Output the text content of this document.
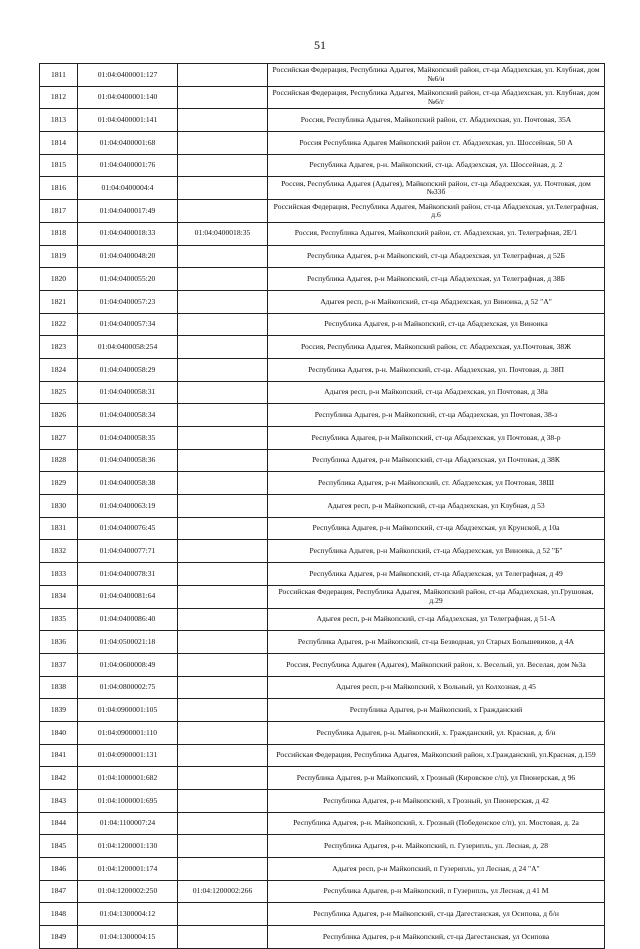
51
1811	01:04:0400001:127		Российская Федерация, Республика Адыгея, Майкопский район, ст-ца Абадзехская, ул. Клубная, дом №6/н
1812	01:04:0400001:140		Российская Федерация, Республика Адыгея, Майкопский район, ст-ца Абадзехская, ул. Клубная, дом №6/г
1813	01:04:0400001:141		Россия, Республика Адыгея, Майкопский район, ст. Абадзехская, ул. Почтовая, 35А
1814	01:04:0400001:68		Россия Республика Адыгея Майкопский район ст. Абадзехская, ул. Шоссейная, 50 А
1815	01:04:0400001:76		Республика Адыгея, р-н. Майкопский, ст-ца. Абадзехская, ул. Шоссейная, д. 2
1816	01:04:0400004:4		Россия, Республика Адыгея (Адыгея), Майкопский район, ст-ца Абадзехская, ул. Почтовая, дом №33б
1817	01:04:0400017:49		Российская Федерация, Республика Адыгея, Майкопский район, ст-ца Абадзехская, ул.Телеграфная, д.6
1818	01:04:0400018:33	01:04:0400018:35	Россия, Республика Адыгея, Майкопский район, ст. Абадзехская, ул. Телеграфная, 2Е/1
1819	01:04:0400048:20		Республика Адыгея, р-н Майкопский, ст-ца Абадзехская, ул Телеграфная, д 52Б
1820	01:04:0400055:20		Республика Адыгея, р-н Майкопский, ст-ца Абадзехская, ул Телеграфная, д 38Б
1821	01:04:0400057:23		Адыгея респ, р-н Майкопский, ст-ца Абадзехская, ул Виноика, д 52 "А"
1822	01:04:0400057:34		Республика Адыгея, р-н Майкопский, ст-ца Абадзехская, ул Виноика
1823	01:04:0400058:254		Россия, Республика Адыгея, Майкопский район, ст. Абадзехская, ул.Почтовая, 38Ж
1824	01:04:0400058:29		Республика Адыгея, р-н. Майкопский, ст-ца. Абадзехская, ул. Почтовая, д. 38П
1825	01:04:0400058:31		Адыгея респ, р-н Майкопский, ст-ца Абадзехская, ул Почтовая, д 38а
1826	01:04:0400058:34		Республика Адыгея, р-н Майкопский, ст-ца Абадзехская, ул Почтовая, 38-з
1827	01:04:0400058:35		Республика Адыгея, р-н Майкопский, ст-ца Абадзехская, ул Почтовая, д 38-р
1828	01:04:0400058:36		Республика Адыгея, р-н Майкопский, ст-ца Абадзехская, ул Почтовая, д 38К
1829	01:04:0400058:38		Республика Адыгея, р-н Майкопский, ст. Абадзехская, ул Почтовая, 38Ш
1830	01:04:0400063:19		Адыгея респ, р-н Майкопский, ст-ца Абадзехская, ул Клубная, д 53
1831	01:04:0400076:45		Республика Адыгея, р-н Майкопский, ст-ца Абадзехская, ул Крунской, д 10а
1832	01:04:0400077:71		Республика Адыгея, р-н Майкопский, ст-ца Абадзехская, ул Виноика, д 52 "Б"
1833	01:04:0400078:31		Республика Адыгея, р-н Майкопский, ст-ца Абадзехская, ул Телеграфная, д 49
1834	01:04:0400081:64		Российская Федерация, Республика Адыгея, Майкопский район, ст-ца Абадзехская, ул.Грушовая, д.29
1835	01:04:0400086:40		Адыгея респ, р-н Майкопский, ст-ца Абадзехская, ул Телеграфная, д 51-А
1836	01:04:0500021:18		Республика Адыгея, р-н Майкопский, ст-ца Безводная, ул Старых Большевиков, д 4А
1837	01:04:0600008:49		Россия, Республика Адыгея (Адыгея), Майкопский район, х. Веселый, ул. Веселая, дом №3а
1838	01:04:0800002:75		Адыгея респ, р-н Майкопский, х Вольный, ул Колхозная, д 45
1839	01:04:0900001:105		Республика Адыгея, р-н Майкопский, х Гражданский
1840	01:04:0900001:110		Республика Адыгея, р-н. Майкопский, х. Гражданский, ул. Красная, д. б/н
1841	01:04:0900001:131		Российская Федерация, Республика Адыгея, Майкопский район, х.Гражданский, ул.Красная, д.159
1842	01:04:1000001:682		Республика Адыгея, р-н Майкопский, х Грозный (Кировское с/п), ул Пионерская, д 96
1843	01:04:1000001:695		Республика Адыгея, р-н Майкопский, х Грозный, ул Пионерская, д 42
1844	01:04:1100007:24		Республика Адыгея, р-н. Майкопский, х. Грозный (Победенское с/п), ул. Мостовая, д. 2а
1845	01:04:1200001:130		Республика Адыгея, р-н. Майкопский, п. Гузерипль, ул. Лесная, д. 28
1846	01:04:1200001:174		Адыгея респ, р-н Майкопский, п Гузерипль, ул Лесная, д 24 "А"
1847	01:04:1200002:250	01:04:1200002:266	Республика Адыгея, р-н Майкопский, п Гузерипль, ул Лесная, д 41 М
1848	01:04:1300004:12		Республика Адыгея, р-н Майкопский, ст-ца Дагестанская, ул Осипова, д б/н
1849	01:04:1300004:15		Республика Адыгея, р-н Майкопский, ст-ца Дагестанская, ул Осипова
